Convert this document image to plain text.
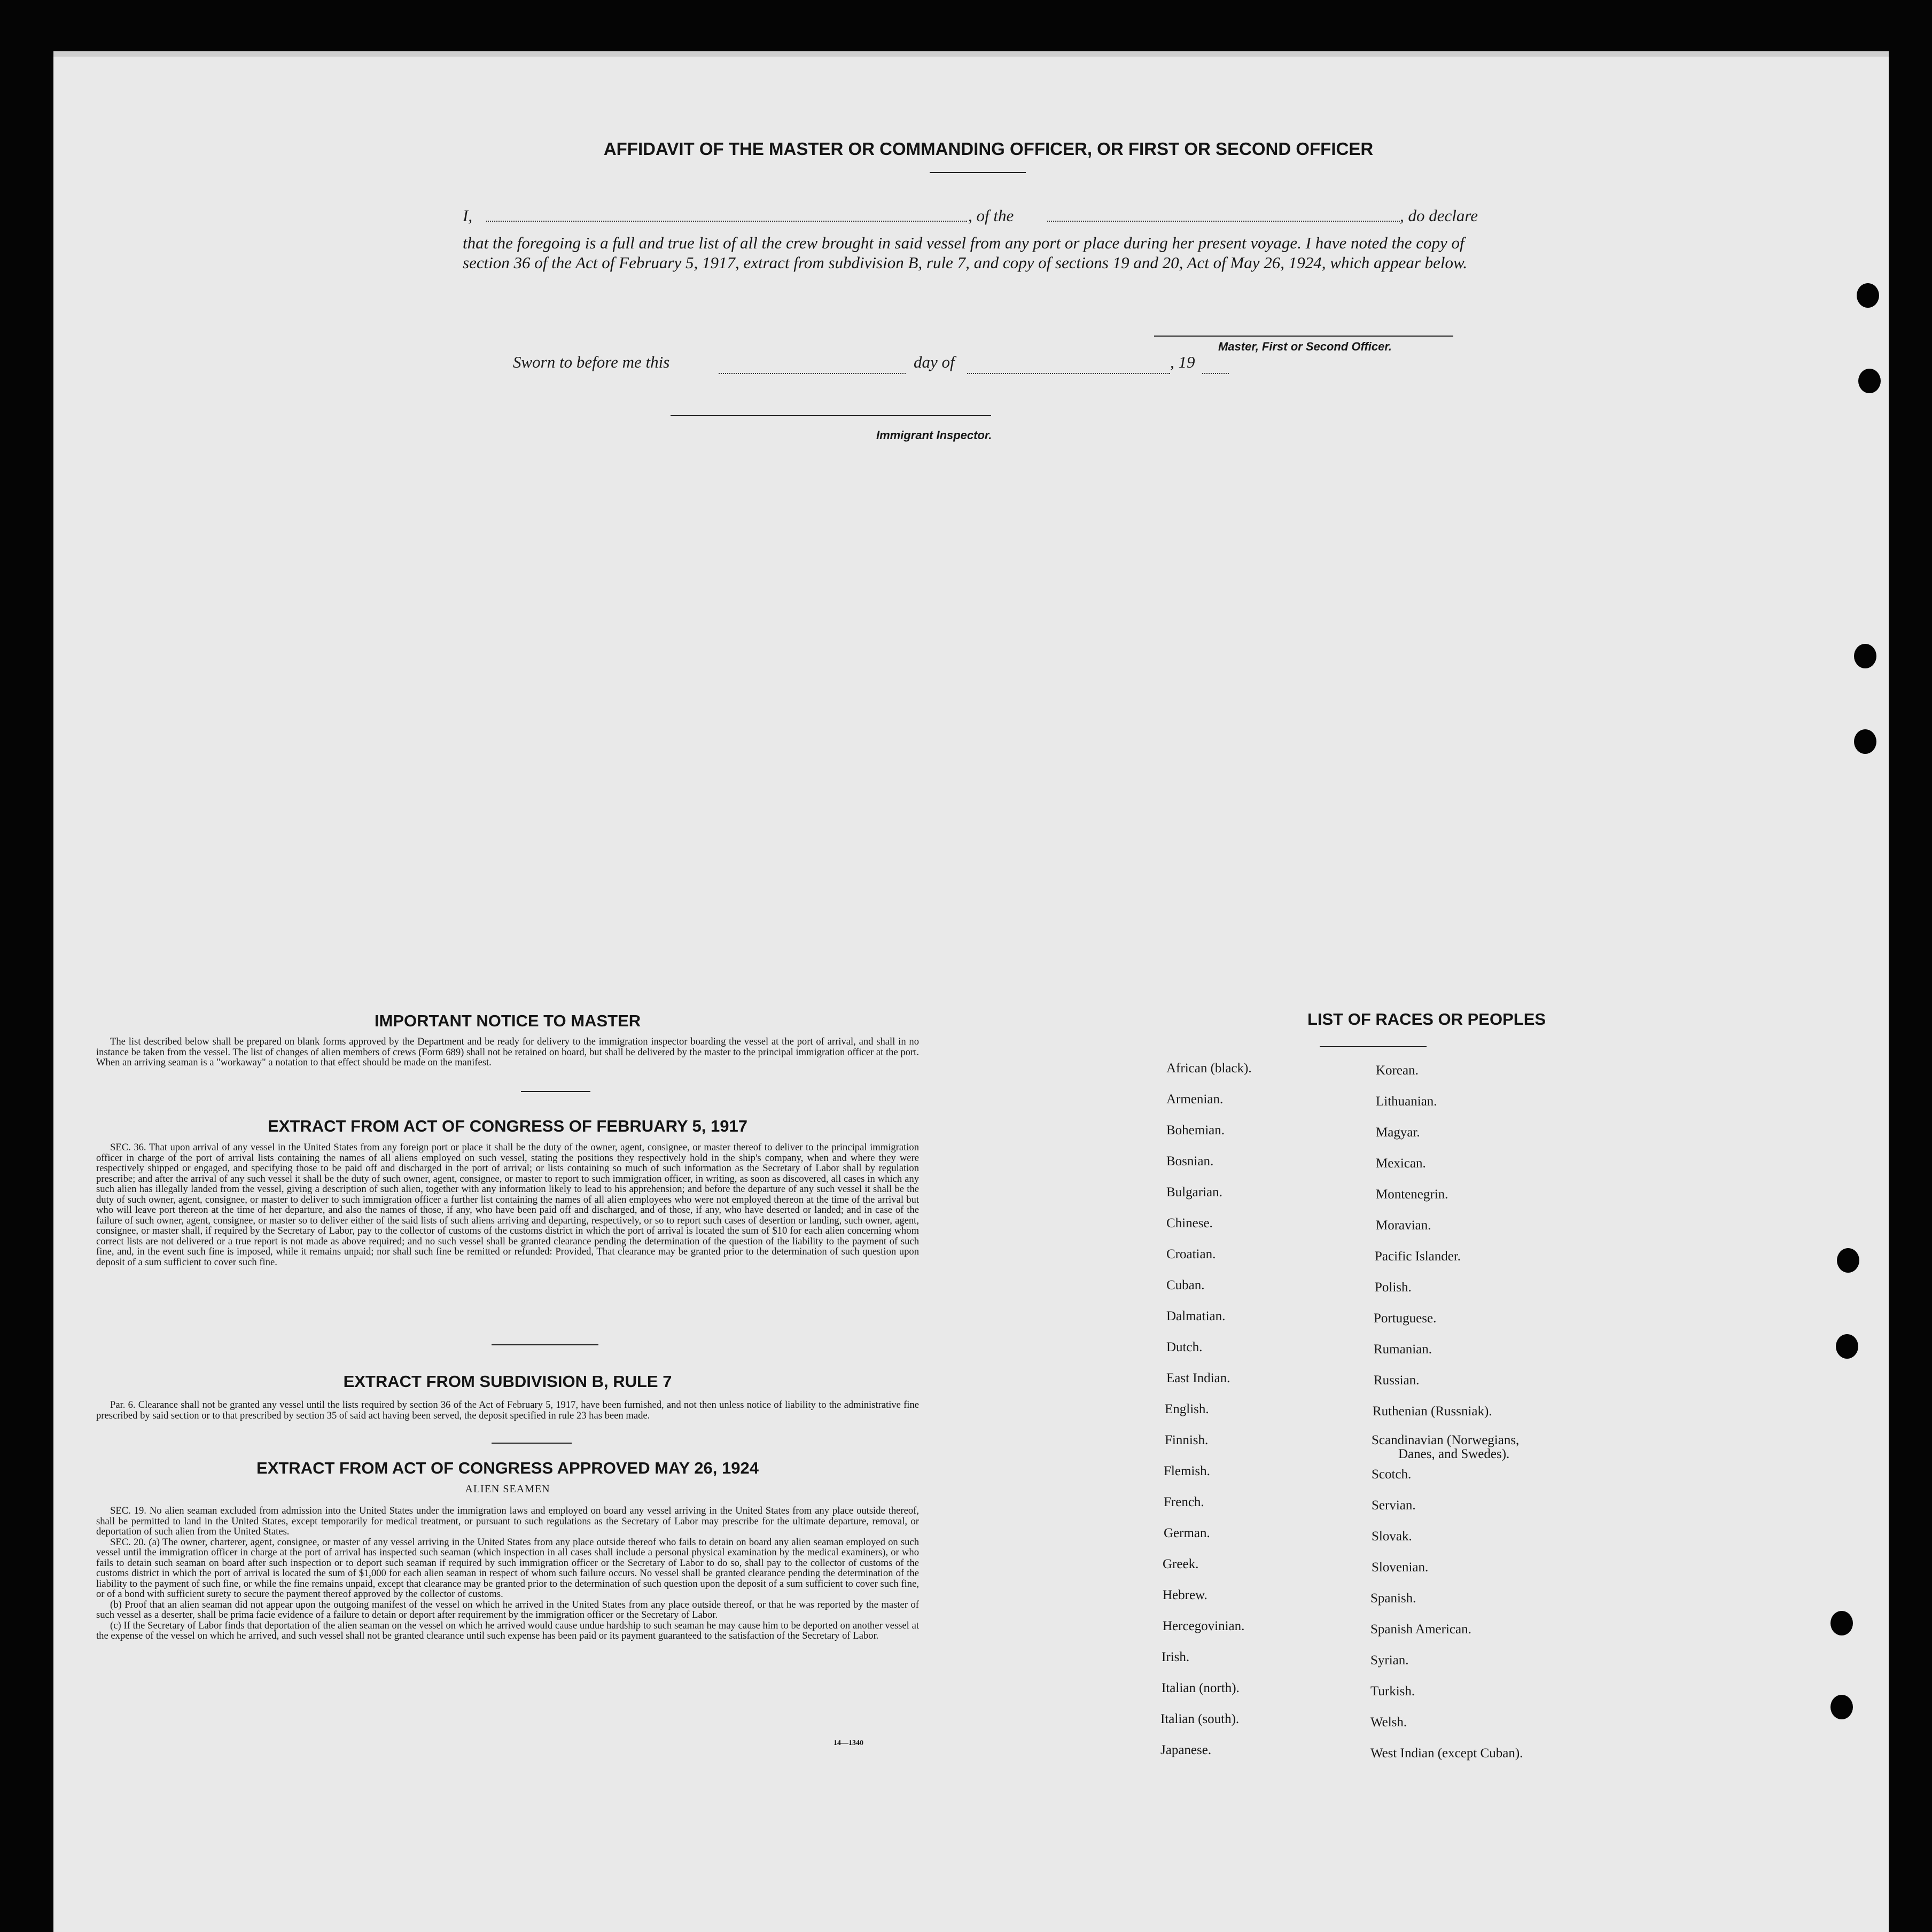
AFFIDAVIT OF THE MASTER OR COMMANDING OFFICER, OR FIRST OR SECOND OFFICER
I,	, of the	, do declare
that the foregoing is a full and true list of all the crew brought in said vessel from any port or place during her present voyage. I have noted the copy of section 36 of the Act of February 5, 1917, extract from subdivision B, rule 7, and copy of sections 19 and 20, Act of May 26, 1924, which appear below.
Master, First or Second Officer.
Sworn to before me this	day of	, 19
Immigrant Inspector.
IMPORTANT NOTICE TO MASTER

The list described below shall be prepared on blank forms approved by the Department and be ready for delivery to the immigration inspector boarding the vessel at the port of arrival, and shall in no instance be taken from the vessel. The list of changes of alien members of crews (Form 689) shall not be retained on board, but shall be delivered by the master to the principal immigration officer at the port. When an arriving seaman is a "workaway" a notation to that effect should be made on the manifest.

EXTRACT FROM ACT OF CONGRESS OF FEBRUARY 5, 1917

SEC. 36. That upon arrival of any vessel in the United States from any foreign port or place it shall be the duty of the owner, agent, consignee, or master thereof to deliver to the principal immigration officer in charge of the port of arrival lists containing the names of all aliens employed on such vessel, stating the positions they respectively hold in the ship's company, when and where they were respectively shipped or engaged, and specifying those to be paid off and discharged in the port of arrival; or lists containing so much of such information as the Secretary of Labor shall by regulation prescribe; and after the arrival of any such vessel it shall be the duty of such owner, agent, consignee, or master to report to such immigration officer, in writing, as soon as discovered, all cases in which any such alien has illegally landed from the vessel, giving a description of such alien, together with any information likely to lead to his apprehension; and before the departure of any such vessel it shall be the duty of such owner, agent, consignee, or master to deliver to such immigration officer a further list containing the names of all alien employees who were not employed thereon at the time of the arrival but who will leave port thereon at the time of her departure, and also the names of those, if any, who have been paid off and discharged, and of those, if any, who have deserted or landed; and in case of the failure of such owner, agent, consignee, or master so to deliver either of the said lists of such aliens arriving and departing, respectively, or so to report such cases of desertion or landing, such owner, agent, consignee, or master shall, if required by the Secretary of Labor, pay to the collector of customs of the customs district in which the port of arrival is located the sum of $10 for each alien concerning whom correct lists are not delivered or a true report is not made as above required; and no such vessel shall be granted clearance pending the determination of the question of the liability to the payment of such fine, and, in the event such fine is imposed, while it remains unpaid; nor shall such fine be remitted or refunded: Provided, That clearance may be granted prior to the determination of such question upon deposit of a sum sufficient to cover such fine.

EXTRACT FROM SUBDIVISION B, RULE 7

Par. 6. Clearance shall not be granted any vessel until the lists required by section 36 of the Act of February 5, 1917, have been furnished, and not then unless notice of liability to the administrative fine prescribed by said section or to that prescribed by section 35 of said act having been served, the deposit specified in rule 23 has been made.

EXTRACT FROM ACT OF CONGRESS APPROVED MAY 26, 1924
ALIEN SEAMEN

SEC. 19. No alien seaman excluded from admission into the United States under the immigration laws and employed on board any vessel arriving in the United States from any place outside thereof, shall be permitted to land in the United States, except temporarily for medical treatment, or pursuant to such regulations as the Secretary of Labor may prescribe for the ultimate departure, removal, or deportation of such alien from the United States.

SEC. 20. (a) The owner, charterer, agent, consignee, or master of any vessel arriving in the United States from any place outside thereof who fails to detain on board any alien seaman employed on such vessel until the immigration officer in charge at the port of arrival has inspected such seaman (which inspection in all cases shall include a personal physical examination by the medical examiners), or who fails to detain such seaman on board after such inspection or to deport such seaman if required by such immigration officer or the Secretary of Labor to do so, shall pay to the collector of customs of the customs district in which the port of arrival is located the sum of $1,000 for each alien seaman in respect of whom such failure occurs. No vessel shall be granted clearance pending the determination of the liability to the payment of such fine, or while the fine remains unpaid, except that clearance may be granted prior to the determination of such question upon the deposit of a sum sufficient to cover such fine, or of a bond with sufficient surety to secure the payment thereof approved by the collector of customs.

(b) Proof that an alien seaman did not appear upon the outgoing manifest of the vessel on which he arrived in the United States from any place outside thereof, or that he was reported by the master of such vessel as a deserter, shall be prima facie evidence of a failure to detain or deport after requirement by the immigration officer or the Secretary of Labor.

(c) If the Secretary of Labor finds that deportation of the alien seaman on the vessel on which he arrived would cause undue hardship to such seaman he may cause him to be deported on another vessel at the expense of the vessel on which he arrived, and such vessel shall not be granted clearance until such expense has been paid or its payment guaranteed to the satisfaction of the Secretary of Labor.

14—1340
LIST OF RACES OR PEOPLES
African (black).
Armenian.
Bohemian.
Bosnian.
Bulgarian.
Chinese.
Croatian.
Cuban.
Dalmatian.
Dutch.
East Indian.
English.
Finnish.
Flemish.
French.
German.
Greek.
Hebrew.
Hercegovinian.
Irish.
Italian (north).
Italian (south).
Japanese.
Korean.
Lithuanian.
Magyar.
Mexican.
Montenegrin.
Moravian.
Pacific Islander.
Polish.
Portuguese.
Rumanian.
Russian.
Ruthenian (Russniak).
Scandinavian (Norwegians,
Danes, and Swedes).
Scotch.
Servian.
Slovak.
Slovenian.
Spanish.
Spanish American.
Syrian.
Turkish.
Welsh.
West Indian (except Cuban).
